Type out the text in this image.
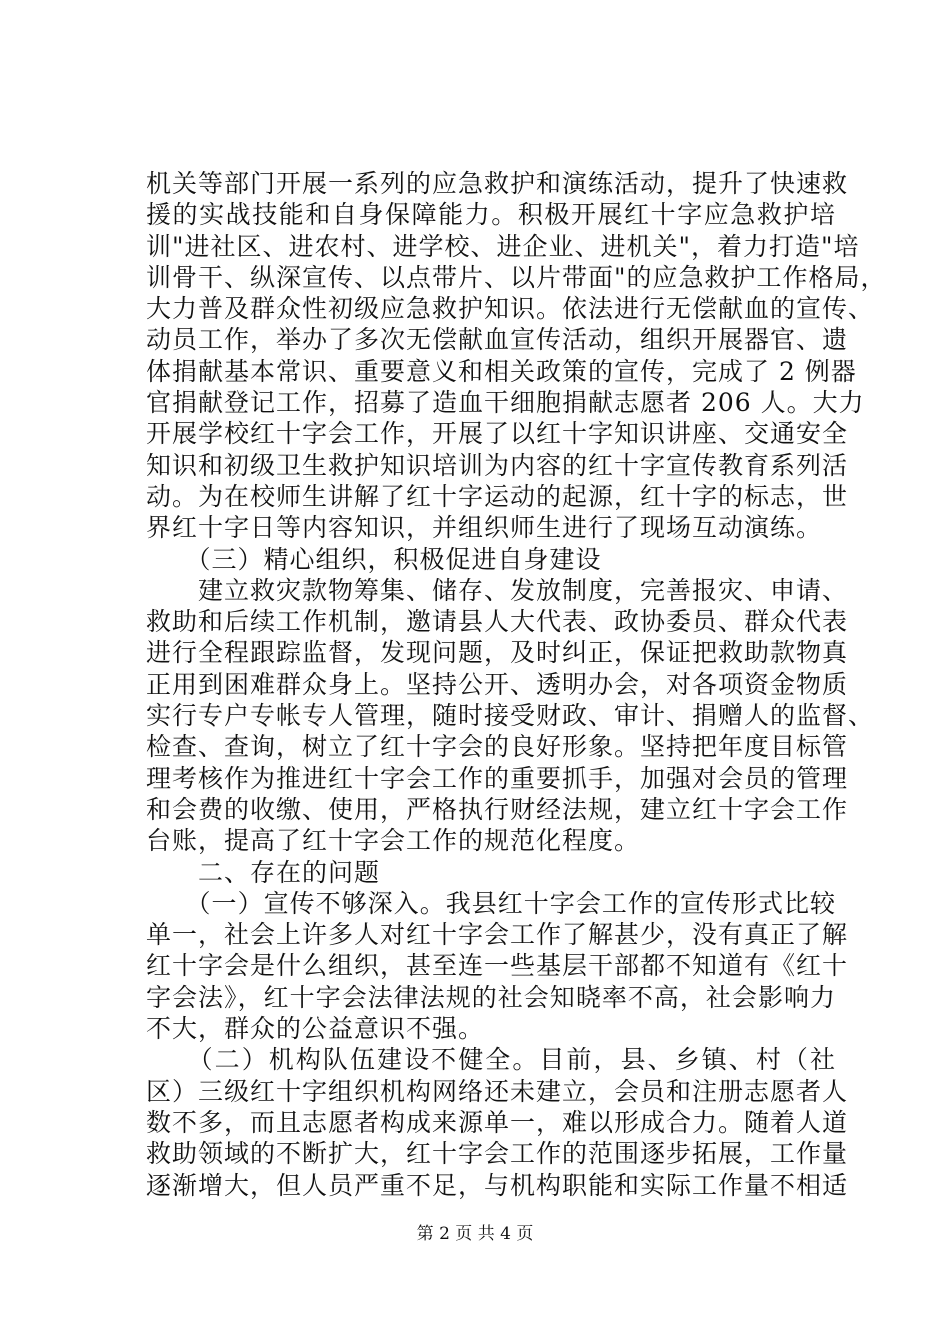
机关等部门开展一系列的应急救护和演练活动，提升了快速救
援的实战技能和自身保障能力。积极开展红十字应急救护培
训"进社区、进农村、进学校、进企业、进机关"，着力打造"培
训骨干、纵深宣传、以点带片、以片带面"的应急救护工作格局，
大力普及群众性初级应急救护知识。依法进行无偿献血的宣传、
动员工作，举办了多次无偿献血宣传活动，组织开展器官、遗
体捐献基本常识、重要意义和相关政策的宣传，完成了 2 例器
官捐献登记工作，招募了造血干细胞捐献志愿者 206 人。大力
开展学校红十字会工作，开展了以红十字知识讲座、交通安全
知识和初级卫生救护知识培训为内容的红十字宣传教育系列活
动。为在校师生讲解了红十字运动的起源，红十字的标志，世
界红十字日等内容知识，并组织师生进行了现场互动演练。
　　（三）精心组织，积极促进自身建设
　　建立救灾款物筹集、储存、发放制度，完善报灾、申请、
救助和后续工作机制，邀请县人大代表、政协委员、群众代表
进行全程跟踪监督，发现问题，及时纠正，保证把救助款物真
正用到困难群众身上。坚持公开、透明办会，对各项资金物质
实行专户专帐专人管理，随时接受财政、审计、捐赠人的监督、
检查、查询，树立了红十字会的良好形象。坚持把年度目标管
理考核作为推进红十字会工作的重要抓手，加强对会员的管理
和会费的收缴、使用，严格执行财经法规，建立红十字会工作
台账，提高了红十字会工作的规范化程度。
　　二、存在的问题
　　（一）宣传不够深入。我县红十字会工作的宣传形式比较
单一，社会上许多人对红十字会工作了解甚少，没有真正了解
红十字会是什么组织，甚至连一些基层干部都不知道有《红十
字会法》，红十字会法律法规的社会知晓率不高，社会影响力
不大，群众的公益意识不强。
　　（二）机构队伍建设不健全。目前，县、乡镇、村（社
区）三级红十字组织机构网络还未建立，会员和注册志愿者人
数不多，而且志愿者构成来源单一，难以形成合力。随着人道
救助领域的不断扩大，红十字会工作的范围逐步拓展，工作量
逐渐增大，但人员严重不足，与机构职能和实际工作量不相适
第 2 页 共 4 页
